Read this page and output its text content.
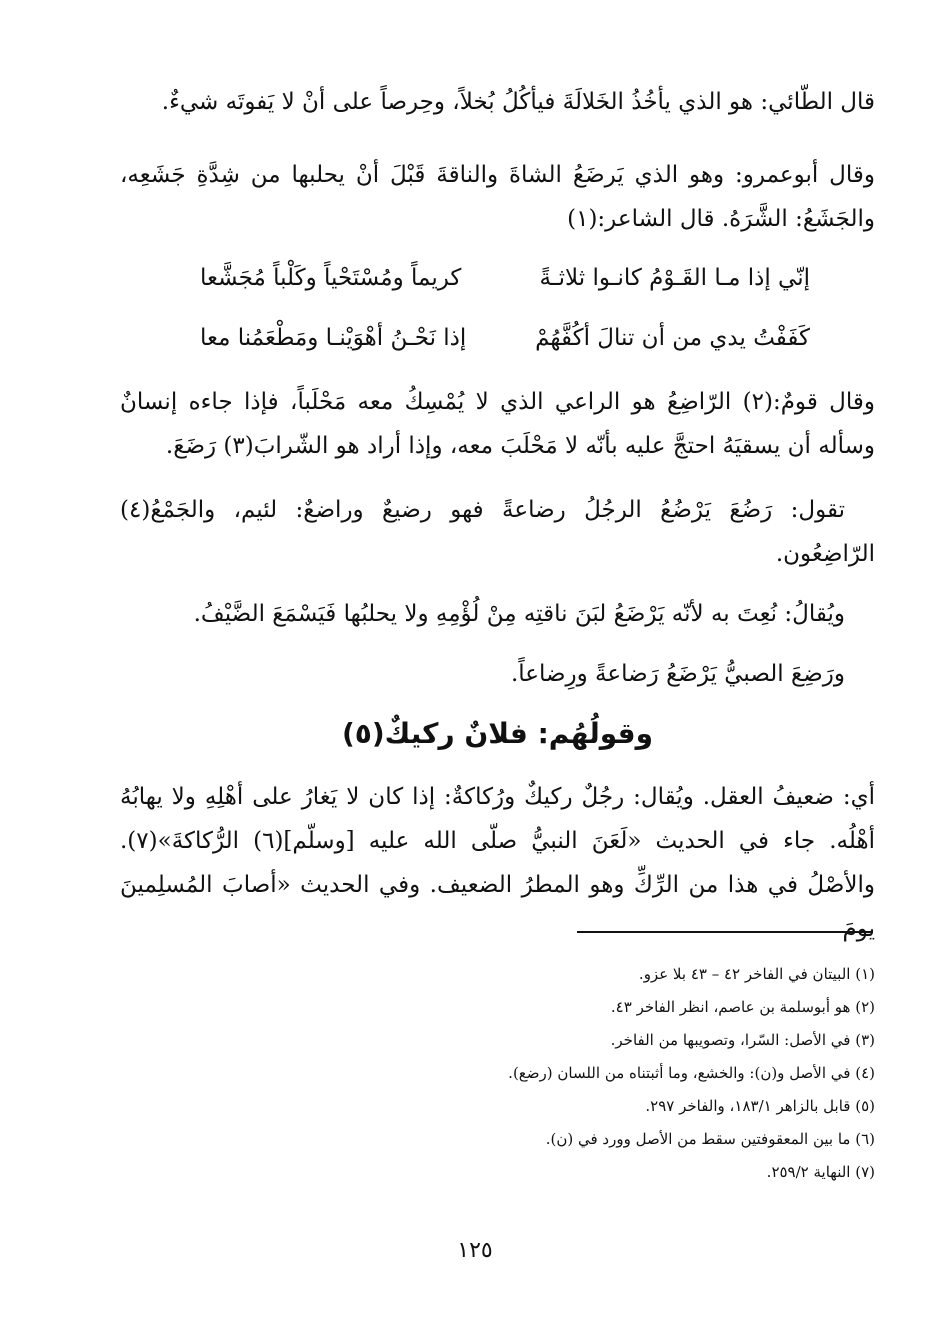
قال الطّائي: هو الذي يأخُذُ الخَلالَةَ فيأكُلُ بُخلاً، وحِرصاً على أنْ لا يَفوتَه شيءٌ.
وقال أبوعمرو: وهو الذي يَرضَعُ الشاةَ والناقةَ قَبْلَ أنْ يحلبها من شِدَّةِ جَشَعِه، والجَشَعُ: الشَّرَهُ. قال الشاعر:(١)
إنّي إذا مـا القَـوْمُ كانـوا ثلاثـةً
كريماً ومُسْتَحْياً وكَلْباً مُجَشَّعا
كَفَفْتُ يدي من أن تنالَ أكُفَّهُمْ
إذا نَحْـنُ أهْوَيْنـا ومَطْعَمُنا معا
وقال قومٌ:(٢) الرّاضِعُ هو الراعي الذي لا يُمْسِكُ معه مَحْلَباً، فإذا جاءه إنسانٌ وسأله أن يسقيَهُ احتجَّ عليه بأنّه لا مَحْلَبَ معه، وإذا أراد هو الشّرابَ(٣) رَضَعَ.
تقول: رَضُعَ يَرْضُعُ الرجُلُ رضاعةً فهو رضيعٌ وراضعٌ: لئيم، والجَمْعُ(٤) الرّاضِعُون.
ويُقالُ: نُعِتَ به لأنّه يَرْضَعُ لبَنَ ناقتِه مِنْ لُؤْمِهِ ولا يحلبُها فَيَسْمَعَ الضَّيْفُ.
ورَضِعَ الصبيُّ يَرْضَعُ رَضاعةً ورِضاعاً.
وقولُهُم: فلانٌ ركيكٌ(٥)
أي: ضعيفُ العقل. ويُقال: رجُلٌ ركيكٌ ورُكاكةٌ: إذا كان لا يَغارُ على أهْلِهِ ولا يهابُهُ أهْلُه. جاء في الحديث «لَعَنَ النبيُّ صلّى الله عليه [وسلّم](٦) الرُّكاكةَ»(٧). والأصْلُ في هذا من الرِّكِّ وهو المطرُ الضعيف. وفي الحديث «أصابَ المُسلِمينَ يومَ
(١) البيتان في الفاخر ٤٢ – ٤٣ بلا عزو.
(٢) هو أبوسلمة بن عاصم، انظر الفاخر ٤٣.
(٣) في الأصل: السّرا، وتصويبها من الفاخر.
(٤) في الأصل و(ن): والخشع، وما أثبتناه من اللسان (رضع).
(٥) قابل بالزاهر ١٨٣/١، والفاخر ٢٩٧.
(٦) ما بين المعقوفتين سقط من الأصل وورد في (ن).
(٧) النهاية ٢٥٩/٢.
١٢٥
